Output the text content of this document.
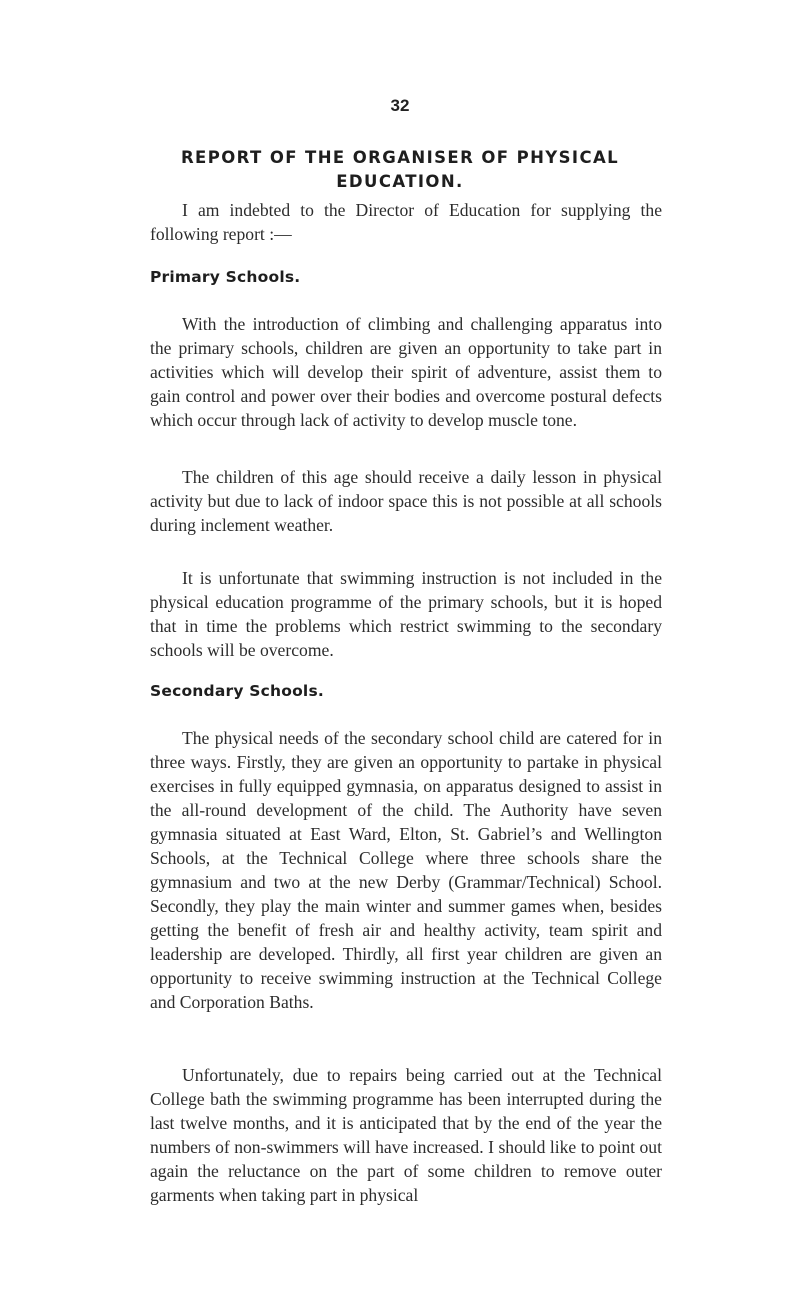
32
REPORT OF THE ORGANISER OF PHYSICAL EDUCATION.
I am indebted to the Director of Education for supplying the following report :—
Primary Schools.
With the introduction of climbing and challenging apparatus into the primary schools, children are given an opportunity to take part in activities which will develop their spirit of adventure, assist them to gain control and power over their bodies and overcome postural defects which occur through lack of activity to develop muscle tone.
The children of this age should receive a daily lesson in physical activity but due to lack of indoor space this is not possible at all schools during inclement weather.
It is unfortunate that swimming instruction is not included in the physical education programme of the primary schools, but it is hoped that in time the problems which restrict swimming to the secondary schools will be overcome.
Secondary Schools.
The physical needs of the secondary school child are catered for in three ways. Firstly, they are given an opportunity to partake in physical exercises in fully equipped gymnasia, on apparatus designed to assist in the all-round development of the child. The Authority have seven gymnasia situated at East Ward, Elton, St. Gabriel’s and Wellington Schools, at the Technical College where three schools share the gymnasium and two at the new Derby (Grammar/Technical) School. Secondly, they play the main winter and summer games when, besides getting the benefit of fresh air and healthy activity, team spirit and leadership are developed. Thirdly, all first year children are given an opportunity to receive swimming instruction at the Technical College and Corporation Baths.
Unfortunately, due to repairs being carried out at the Technical College bath the swimming programme has been interrupted during the last twelve months, and it is anticipated that by the end of the year the numbers of non-swimmers will have increased. I should like to point out again the reluctance on the part of some children to remove outer garments when taking part in physical
